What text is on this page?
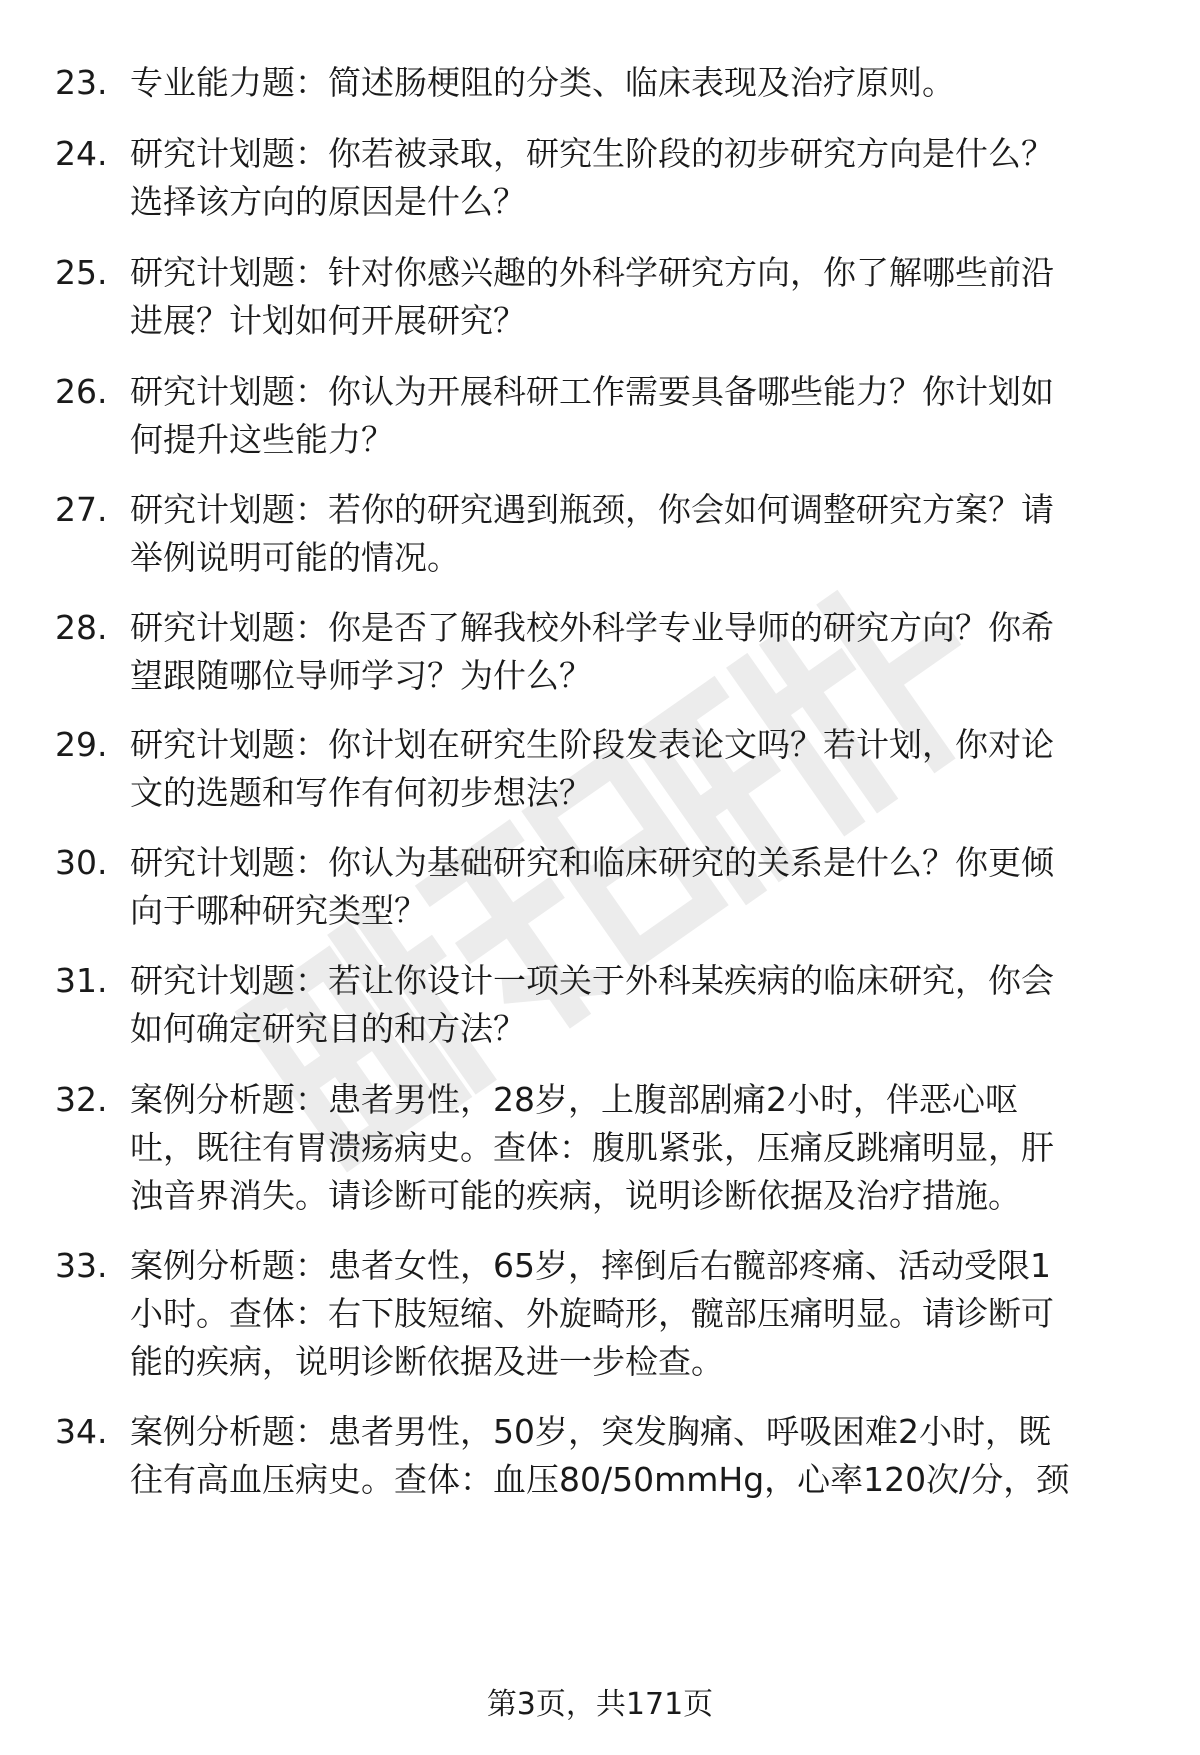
23. 专业能力题：简述肠梗阻的分类、临床表现及治疗原则。
24. 研究计划题：你若被录取，研究生阶段的初步研究方向是什么？
选择该方向的原因是什么？
25. 研究计划题：针对你感兴趣的外科学研究方向，你了解哪些前沿
进展？计划如何开展研究？
26. 研究计划题：你认为开展科研工作需要具备哪些能力？你计划如
何提升这些能力？
27. 研究计划题：若你的研究遇到瓶颈，你会如何调整研究方案？请
举例说明可能的情况。
28. 研究计划题：你是否了解我校外科学专业导师的研究方向？你希
望跟随哪位导师学习？为什么？
29. 研究计划题：你计划在研究生阶段发表论文吗？若计划，你对论
文的选题和写作有何初步想法？
30. 研究计划题：你认为基础研究和临床研究的关系是什么？你更倾
向于哪种研究类型？
31. 研究计划题：若让你设计一项关于外科某疾病的临床研究，你会
如何确定研究目的和方法？
32. 案例分析题：患者男性，28岁，上腹部剧痛2小时，伴恶心呕
吐，既往有胃溃疡病史。查体：腹肌紧张，压痛反跳痛明显，肝
浊音界消失。请诊断可能的疾病，说明诊断依据及治疗措施。
33. 案例分析题：患者女性，65岁，摔倒后右髋部疼痛、活动受限1
小时。查体：右下肢短缩、外旋畸形，髋部压痛明显。请诊断可
能的疾病，说明诊断依据及进一步检查。
34. 案例分析题：患者男性，50岁，突发胸痛、呼吸困难2小时，既
往有高血压病史。查体：血压80/50mmHg，心率120次/分，颈
第3页，共171页
